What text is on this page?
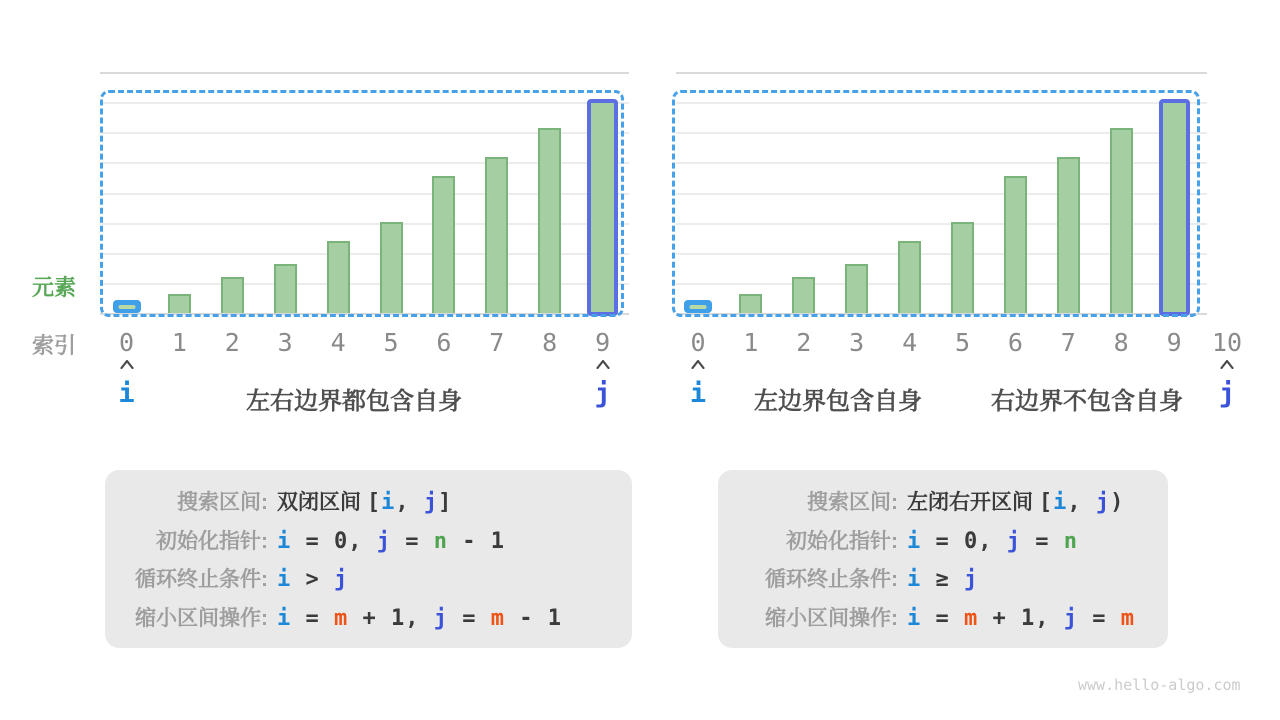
元素
索引
搜索区间: 双闭区间 [i, j]
初始化指针: i = 0, j = n - 1
循环终止条件: i > j
缩小区间操作: i = m + 1, j = m - 1
搜索区间: 左闭右开区间 [i, j)
初始化指针: i = 0, j = n
循环终止条件: i ≥ j
缩小区间操作: i = m + 1, j = m
www.hello-algo.com
0 1 2 3 4 5 6 7 8 9
i	j
左右边界都包含自身
0 1 2 3 4 5 6 7 8 9 10
i	j
左边界包含自身	右边界不包含自身
